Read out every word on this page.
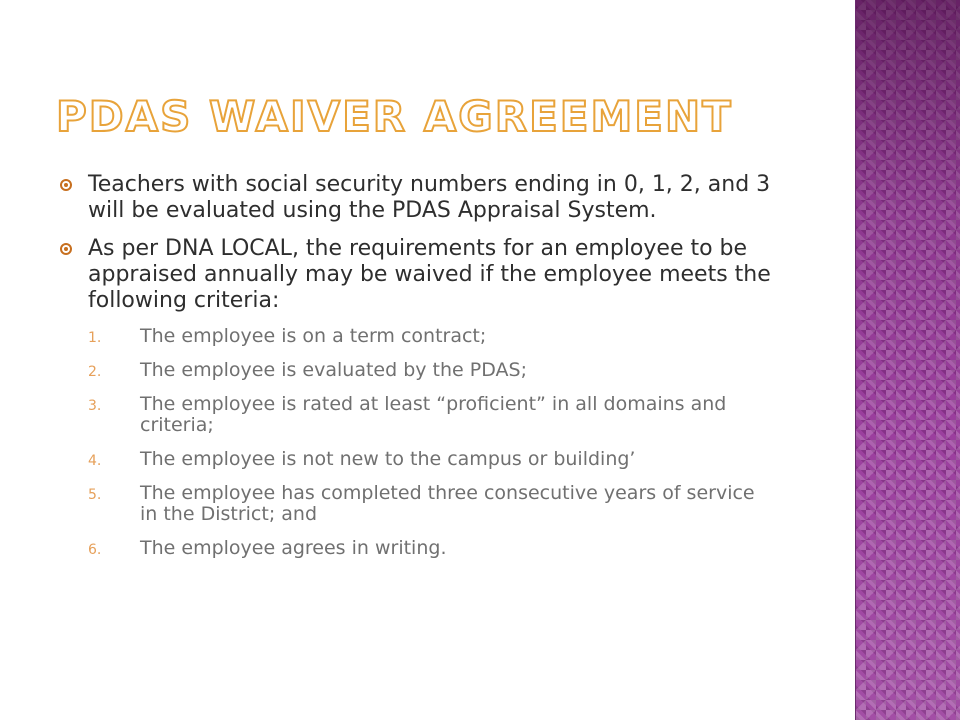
PDAS WAIVER AGREEMENT
Teachers with social security numbers ending in 0, 1, 2, and 3 will be evaluated using the PDAS Appraisal System.
As per DNA LOCAL, the requirements for an employee to be appraised annually may be waived if the employee meets the following criteria:
1. The employee is on a term contract;
2. The employee is evaluated by the PDAS;
3. The employee is rated at least “proficient” in all domains and criteria;
4. The employee is not new to the campus or building’
5. The employee has completed three consecutive years of service in the District; and
6. The employee agrees in writing.
